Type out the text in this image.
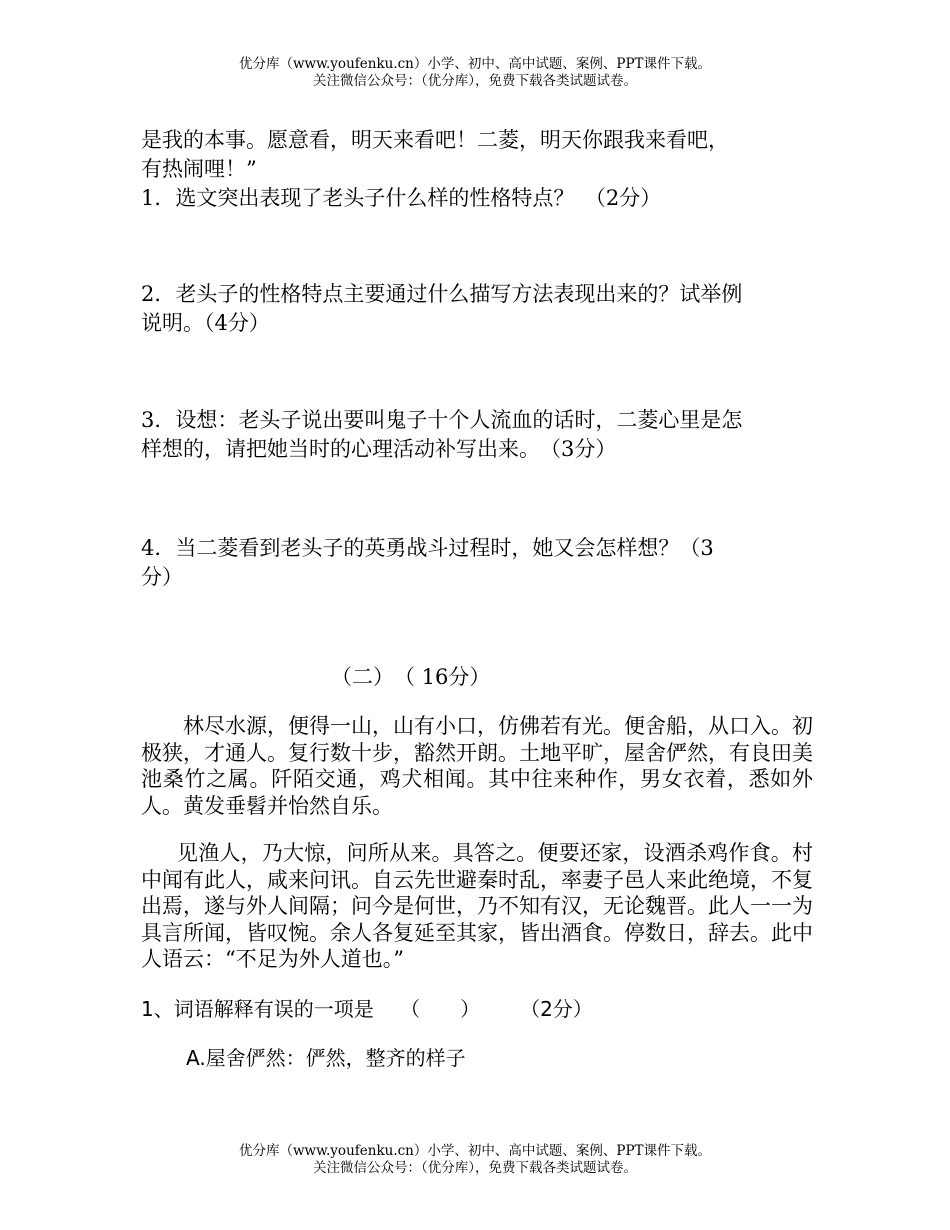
优分库（www.youfenku.cn）小学、初中、高中试题、案例、PPT课件下载。
关注微信公众号：（优分库），免费下载各类试题试卷。

是我的本事。愿意看，明天来看吧！二菱，明天你跟我来看吧，

有热闹哩！”

1．选文突出表现了老头子什么样的性格特点？　（2分）

2．老头子的性格特点主要通过什么描写方法表现出来的？试举例

说明。（4分）

3．设想：老头子说出要叫鬼子十个人流血的话时，二菱心里是怎

样想的，请把她当时的心理活动补写出来。　（3分）

4．当二菱看到老头子的英勇战斗过程时，她又会怎样想？（3

分）

（二）　（ 16分）

林尽水源，便得一山，山有小口，仿佛若有光。便舍船，从口入。初极狭，才通人。复行数十步，豁然开朗。土地平旷，屋舍俨然，有良田美池桑竹之属。阡陌交通，鸡犬相闻。其中往来种作，男女衣着，悉如外人。黄发垂髫并怡然自乐。

见渔人，乃大惊，问所从来。具答之。便要还家，设酒杀鸡作食。村中闻有此人，咸来问讯。自云先世避秦时乱，率妻子邑人来此绝境，不复出焉，遂与外人间隔；问今是何世，乃不知有汉，无论魏晋。此人一一为具言所闻，皆叹惋。余人各复延至其家，皆出酒食。停数日，辞去。此中人语云：“不足为外人道也。”

1、词语解释有误的一项是　 （　　）　　　（2分）

A.屋舍俨然：俨然，整齐的样子

优分库（www.youfenku.cn）小学、初中、高中试题、案例、PPT课件下载。
关注微信公众号：（优分库），免费下载各类试题试卷。
